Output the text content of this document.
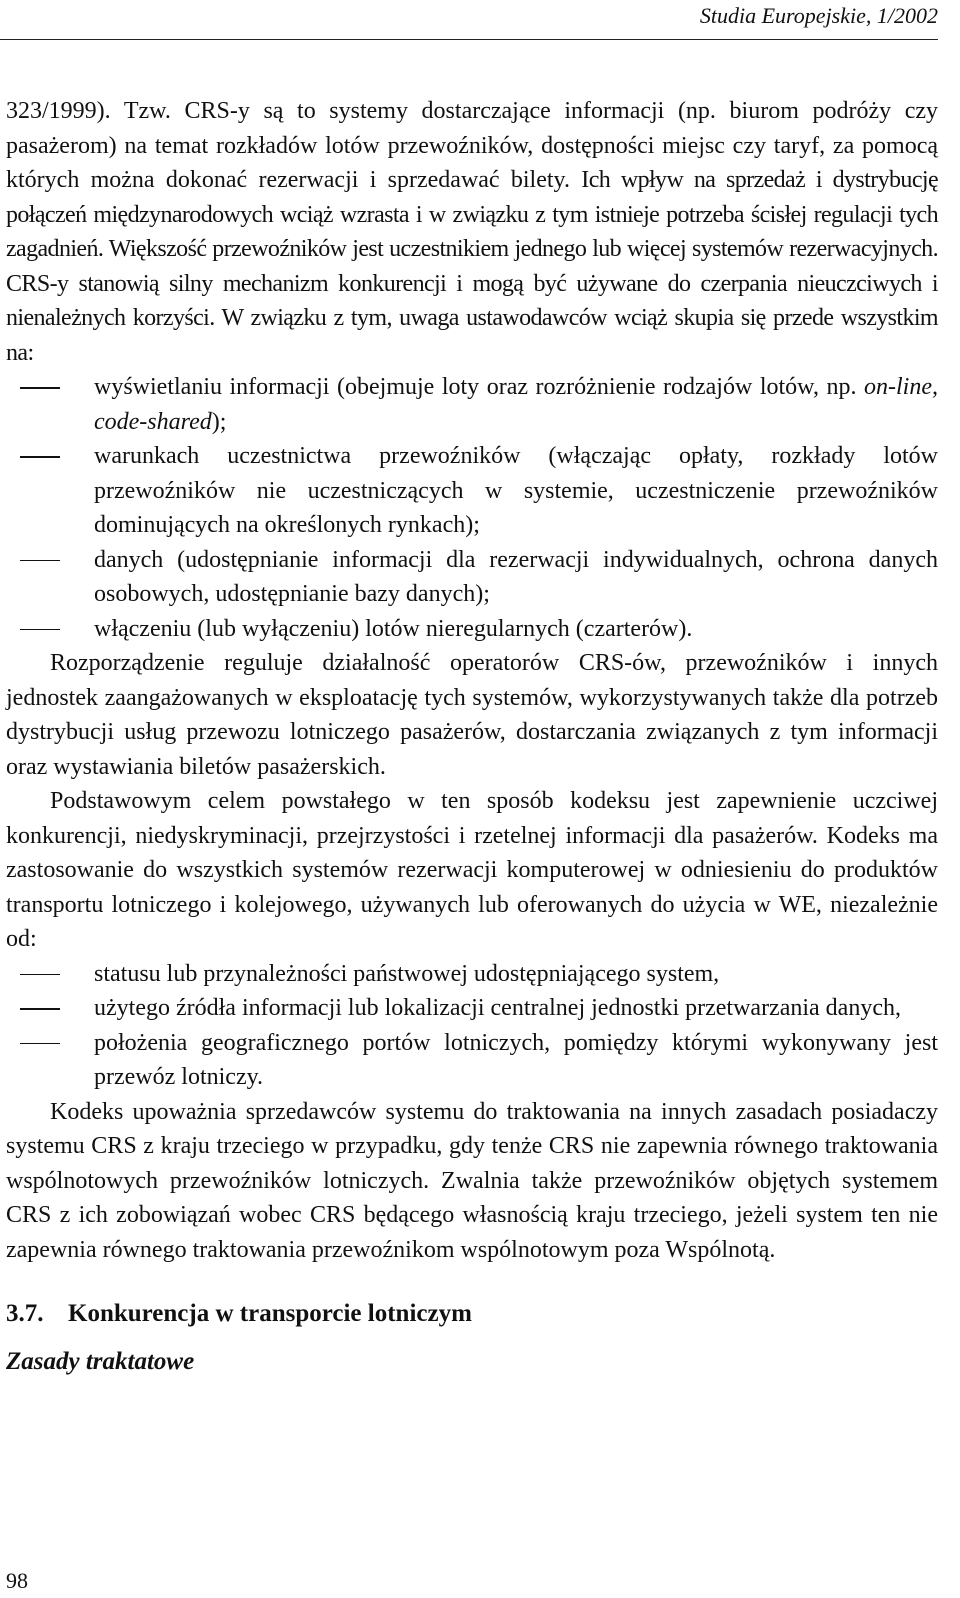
Studia Europejskie, 1/2002

323/1999). Tzw. CRS-y są to systemy dostarczające informacji (np. biurom podróży czy pasażerom) na temat rozkładów lotów przewoźników, dostępności miejsc czy taryf, za pomocą których można dokonać rezerwacji i sprzedawać bilety. Ich wpływ na sprzedaż i dystrybucję połączeń międzynarodowych wciąż wzrasta i w związku z tym istnieje potrzeba ścisłej regulacji tych zagadnień. Większość przewoźników jest uczestnikiem jednego lub więcej systemów rezerwacyjnych. CRS-y stanowią silny mechanizm konkurencji i mogą być używane do czerpania nieuczciwych i nienależnych korzyści. W związku z tym, uwaga ustawodawców wciąż skupia się przede wszystkim na:

wyświetlaniu informacji (obejmuje loty oraz rozróżnienie rodzajów lotów, np. on-line, code-shared);
warunkach uczestnictwa przewoźników (włączając opłaty, rozkłady lotów przewoźników nie uczestniczących w systemie, uczestniczenie przewoźników dominujących na określonych rynkach);
danych (udostępnianie informacji dla rezerwacji indywidualnych, ochrona danych osobowych, udostępnianie bazy danych);
włączeniu (lub wyłączeniu) lotów nieregularnych (czarterów).

Rozporządzenie reguluje działalność operatorów CRS-ów, przewoźników i innych jednostek zaangażowanych w eksploatację tych systemów, wykorzystywanych także dla potrzeb dystrybucji usług przewozu lotniczego pasażerów, dostarczania związanych z tym informacji oraz wystawiania biletów pasażerskich.

Podstawowym celem powstałego w ten sposób kodeksu jest zapewnienie uczciwej konkurencji, niedyskryminacji, przejrzystości i rzetelnej informacji dla pasażerów. Kodeks ma zastosowanie do wszystkich systemów rezerwacji komputerowej w odniesieniu do produktów transportu lotniczego i kolejowego, używanych lub oferowanych do użycia w WE, niezależnie od:

statusu lub przynależności państwowej udostępniającego system,
użytego źródła informacji lub lokalizacji centralnej jednostki przetwarzania danych,
położenia geograficznego portów lotniczych, pomiędzy którymi wykonywany jest przewóz lotniczy.

Kodeks upoważnia sprzedawców systemu do traktowania na innych zasadach posiadaczy systemu CRS z kraju trzeciego w przypadku, gdy tenże CRS nie zapewnia równego traktowania wspólnotowych przewoźników lotniczych. Zwalnia także przewoźników objętych systemem CRS z ich zobowiązań wobec CRS będącego własnością kraju trzeciego, jeżeli system ten nie zapewnia równego traktowania przewoźnikom wspólnotowym poza Wspólnotą.

3.7. Konkurencja w transporcie lotniczym
Zasady traktatowe
98
